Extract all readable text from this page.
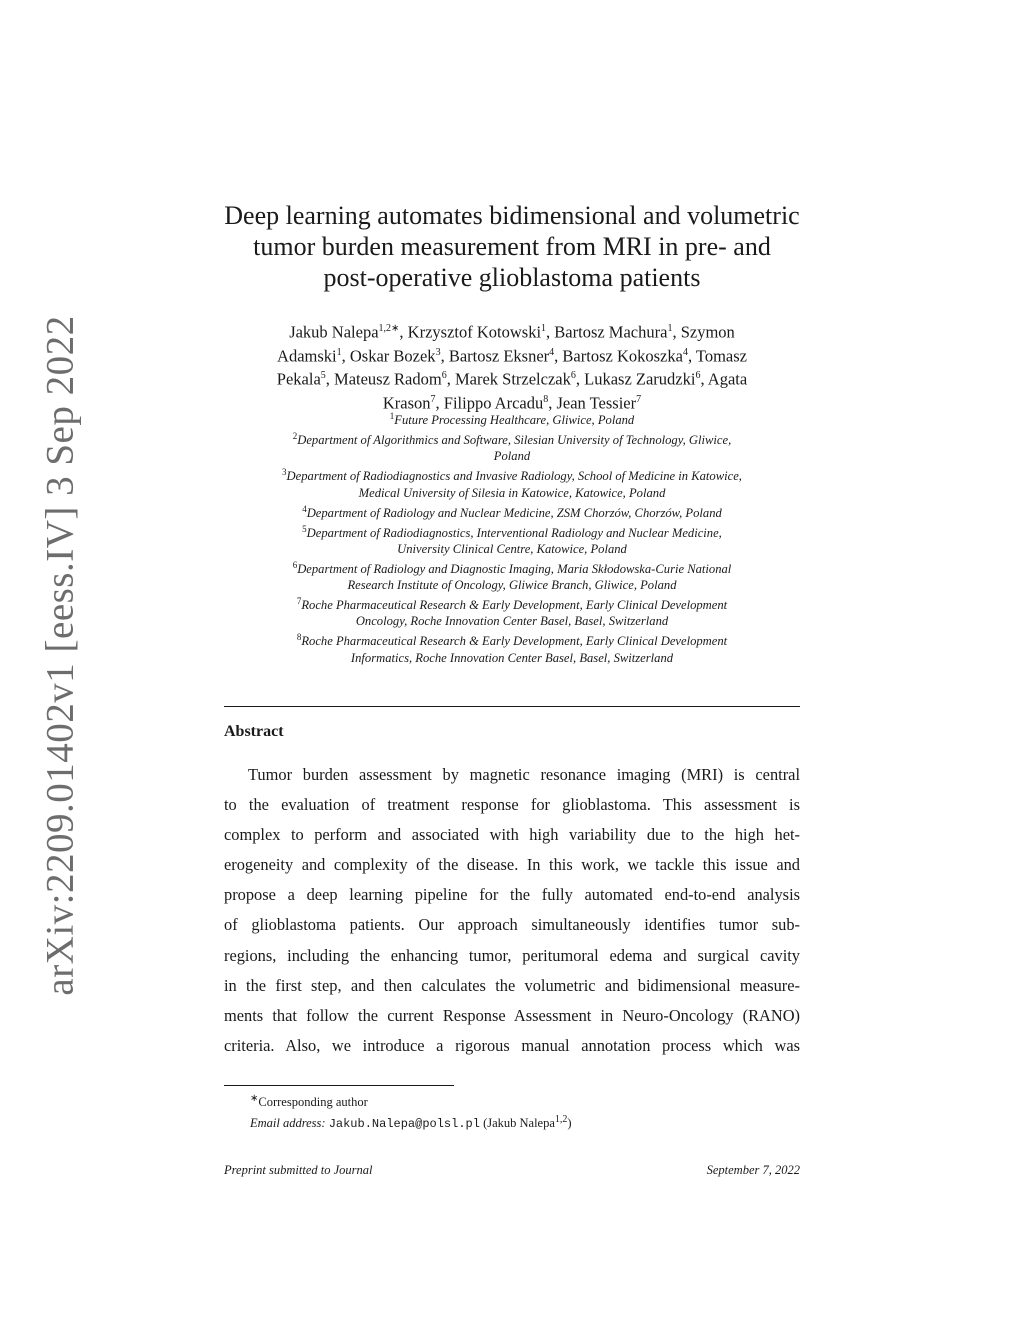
arXiv:2209.01402v1 [eess.IV] 3 Sep 2022
Deep learning automates bidimensional and volumetric
tumor burden measurement from MRI in pre- and
post-operative glioblastoma patients
Jakub Nalepa$^{1,2∗}$, Krzysztof Kotowski$^1$, Bartosz Machura$^1$, Szymon
Adamski$^1$, Oskar Bozek$^3$, Bartosz Eksner$^4$, Bartosz Kokoszka$^4$, Tomasz
Pekala$^5$, Mateusz Radom$^6$, Marek Strzelczak$^6$, Lukasz Zarudzki$^6$, Agata
Krason$^7$, Filippo Arcadu$^8$, Jean Tessier$^7$
$^1$Future Processing Healthcare, Gliwice, Poland
$^2$Department of Algorithmics and Software, Silesian University of Technology, Gliwice,
Poland
$^3$Department of Radiodiagnostics and Invasive Radiology, School of Medicine in Katowice,
Medical University of Silesia in Katowice, Katowice, Poland
$^4$Department of Radiology and Nuclear Medicine, ZSM Chorzów, Chorzów, Poland
$^5$Department of Radiodiagnostics, Interventional Radiology and Nuclear Medicine,
University Clinical Centre, Katowice, Poland
$^6$Department of Radiology and Diagnostic Imaging, Maria Skłodowska-Curie National
Research Institute of Oncology, Gliwice Branch, Gliwice, Poland
$^7$Roche Pharmaceutical Research & Early Development, Early Clinical Development
Oncology, Roche Innovation Center Basel, Basel, Switzerland
$^8$Roche Pharmaceutical Research & Early Development, Early Clinical Development
Informatics, Roche Innovation Center Basel, Basel, Switzerland
Abstract
Tumor burden assessment by magnetic resonance imaging (MRI) is central
to the evaluation of treatment response for glioblastoma. This assessment is
complex to perform and associated with high variability due to the high het-
erogeneity and complexity of the disease. In this work, we tackle this issue and
propose a deep learning pipeline for the fully automated end-to-end analysis
of glioblastoma patients. Our approach simultaneously identifies tumor sub-
regions, including the enhancing tumor, peritumoral edema and surgical cavity
in the first step, and then calculates the volumetric and bidimensional measure-
ments that follow the current Response Assessment in Neuro-Oncology (RANO)
criteria. Also, we introduce a rigorous manual annotation process which was
∗Corresponding author
Email address: Jakub.Nalepa@polsl.pl (Jakub Nalepa$^{1,2}$)
Preprint submitted to Journal	September 7, 2022
